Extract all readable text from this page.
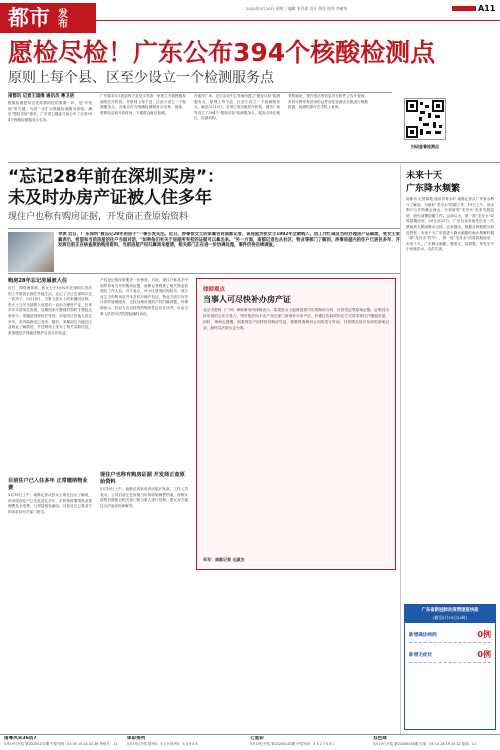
都市 发布
2020年5月20日 星期三 编辑 张丹琼 设计 郭佳 校对 李树华	A11
愿检尽检！广东公布394个核酸检测点
原则上每个县、区至少设立一个检测服务点
南都讯 记者王道缘 通讯员 粤卫信
核酸检测是常态化疫情防控的重要一环，是"早发现"的关键。为进一步扩大核酸检测服务供给，满足"愿检尽检"需求，广东省卫健委日前公布了全省394个核酸检测服务点名单。
广东要求5月底前每个县至少具备一家独立开展核酸检测的医疗机构，并原则上每个县、区至少设立一个检测服务点。各地市应当明确检测服务点名称、地址、联系电话和开放时间，方便群众就近检测。
在地市广场、社区活动中心等场所建立"愿检尽检"检测服务点，原则上每个县、区至少设立一个检测服务点。截至5月19日，全省已有各级医疗机构、城市广场等设立了394个"愿检尽检"检测服务点，服务点所在地区、检测机构、
采样地址、预约电话等信息可在附件公告中查询，市民可携带有效身份证件前往检测点自愿进行核酸检测，检测结果可在手机上查询。
扫码查看检测点
“忘记28年前在深圳买房”：
未及时办房产证被人住多年
现住户也称有购房证据，开发商正查原始资料
导读 近日，广东深圳"被忘记28年的房子"一事引发关注。近日，涉事张女士的家属告诉南都记者，该房屋为张女士1992年全款购入，因工作忙碌及当时办理房产证麻烦，张女士家属表示，希望和当前房屋的住户当面对话，"如果他们有关于房屋所有权的证据可以拿出来。"另一方面，南都记者也从社区、物业等部门了解到，涉事房屋内的住户已居住多年，开发商目前正在核查原始购房资料，当前房屋产权归属尚未厘清，相关部门正在进一步协调处理，事件仍待后续调查。
购房28年忘记房屋被人住
近日，网络流传称，张女士于1992年在深圳买房后因工作原因长期在外地生活，忘记了自己在深圳买过一套房子。5月18日，当事人张女士的家属回应称，张女士当年全款购入房屋后一直未办理房产证，后来多年未曾前往查看，近期因家中整理旧物时才想起这套房子。家属赶到现场后发现，房屋内已有他人居住多年，室内装修也已变动。随后，家属前往当地社区及物业了解情况，并在网络上发布了相关求助信息，希望通过法律途径维护自身合法权益。
目前住户已入住多年 正常缴纳物业费
5月18日上午，南都记者从张女士所在社区了解到，该房屋现住户已在此居住多年，平时按时缴纳物业管理费及水电费，与邻居相处融洽，目前社区已将双方的诉求向有关部门报告。
产权登记情况需要进一步核查。对此，现住户称其手中同样持有当年的购房证据，南都记者联系了相关物业管理处工作人员，对方表示，该小区建成时间较早，部分业主当年购房后并未及时办理产权证，物业方面只负责日常的管理服务，无权处理房屋的产权归属问题。有律师表示，若双方各自持有的购房凭证存在冲突，可由当事人依法向法院提起确权诉讼。
现住户也称有购房证据 开发商正查原始资料
5月19日上午，南都记者致电该房屋开发商，工作人员表示，公司目前正在查阅当年的原始销售档案，待核实清楚后将配合相关部门和当事人进行处理，建议双方通过合法途径协商解决。
律师观点
当事人可尽快补办房产证
北京市盈科（广州）律师事务所律师表示，如果张女士能够提供当年的购房合同、付款凭证等原始证据，证明其为该房屋的合法买受人，则可依法向不动产登记部门申请补办房产证，并通过协商或诉讼方式请求现住户腾退房屋。同时，律师也提醒，如果现住户同样持有购房凭证，需要核查两份合同的签订时间、付款情况及开发商的备案记录，最终以法院认定为准。
采写：南都记者 毛淑杰
未来十天
广东降水频繁
南都讯 记者陈艳 通讯员粤水轩 南都记者从广东省水利厅了解到，为做好"龙舟水"防御工作，19日上午，省水利厅召开防御会商会，分析研判"龙舟水"未来发展趋势，研究部署防御工作。会商认为，第一波"龙舟水"或将如期而至，20日至22日，广东自北向南先后有一次暴雨到大暴雨降水过程。会商指出，根据各种数据分析及预报，未来十天广东将进入降水频繁的雨水集聚时期（即"龙舟水"时节），第一波"龙舟水"或将如期而至，未来十天，广东降水频繁，强度大，局部强，易发生中小河流洪水、山洪灾害。
广东省新冠肺炎疫情速报快报
(截至5月19日24时)
新增确诊病例	0例
新增无症状	0例
南粤风采36选7
5月19日开奖 第20200137期 中奖号码：03 05 15 24 33 36 特别号：11
体彩排列
5月19日开奖 排列3：5 3 9 排列5：5 3 9 4 8
七星彩
5月19日开奖 第20200143期 中奖号码：4 3 2 7 0 8 7
双色球
5月19日开奖 第20200035期 红球：05 14 18 19 24 32 蓝球：11
